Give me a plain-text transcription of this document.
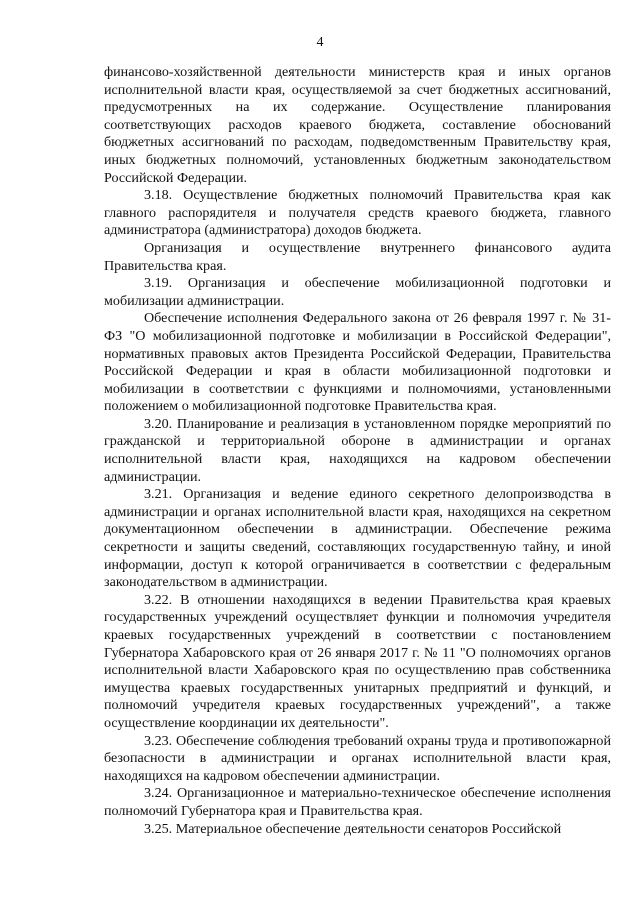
4

финансово-хозяйственной деятельности министерств края и иных органов исполнительной власти края, осуществляемой за счет бюджетных ассигнований, предусмотренных на их содержание. Осуществление планирования соответствующих расходов краевого бюджета, составление обоснований бюджетных ассигнований по расходам, подведомственным Правительству края, иных бюджетных полномочий, установленных бюджетным законодательством Российской Федерации.

3.18. Осуществление бюджетных полномочий Правительства края как главного распорядителя и получателя средств краевого бюджета, главного администратора (администратора) доходов бюджета.

Организация и осуществление внутреннего финансового аудита Правительства края.

3.19. Организация и обеспечение мобилизационной подготовки и мобилизации администрации.

Обеспечение исполнения Федерального закона от 26 февраля 1997 г. № 31-ФЗ "О мобилизационной подготовке и мобилизации в Российской Федерации", нормативных правовых актов Президента Российской Федерации, Правительства Российской Федерации и края в области мобилизационной подготовки и мобилизации в соответствии с функциями и полномочиями, установленными положением о мобилизационной подготовке Правительства края.

3.20. Планирование и реализация в установленном порядке мероприятий по гражданской и территориальной обороне в администрации и органах исполнительной власти края, находящихся на кадровом обеспечении администрации.

3.21. Организация и ведение единого секретного делопроизводства в администрации и органах исполнительной власти края, находящихся на секретном документационном обеспечении в администрации. Обеспечение режима секретности и защиты сведений, составляющих государственную тайну, и иной информации, доступ к которой ограничивается в соответствии с федеральным законодательством в администрации.

3.22. В отношении находящихся в ведении Правительства края краевых государственных учреждений осуществляет функции и полномочия учредителя краевых государственных учреждений в соответствии с постановлением Губернатора Хабаровского края от 26 января 2017 г. № 11 "О полномочиях органов исполнительной власти Хабаровского края по осуществлению прав собственника имущества краевых государственных унитарных предприятий и функций, и полномочий учредителя краевых государственных учреждений", а также осуществление координации их деятельности".

3.23. Обеспечение соблюдения требований охраны труда и противопожарной безопасности в администрации и органах исполнительной власти края, находящихся на кадровом обеспечении администрации.

3.24. Организационное и материально-техническое обеспечение исполнения полномочий Губернатора края и Правительства края.

3.25. Материальное обеспечение деятельности сенаторов Российской
